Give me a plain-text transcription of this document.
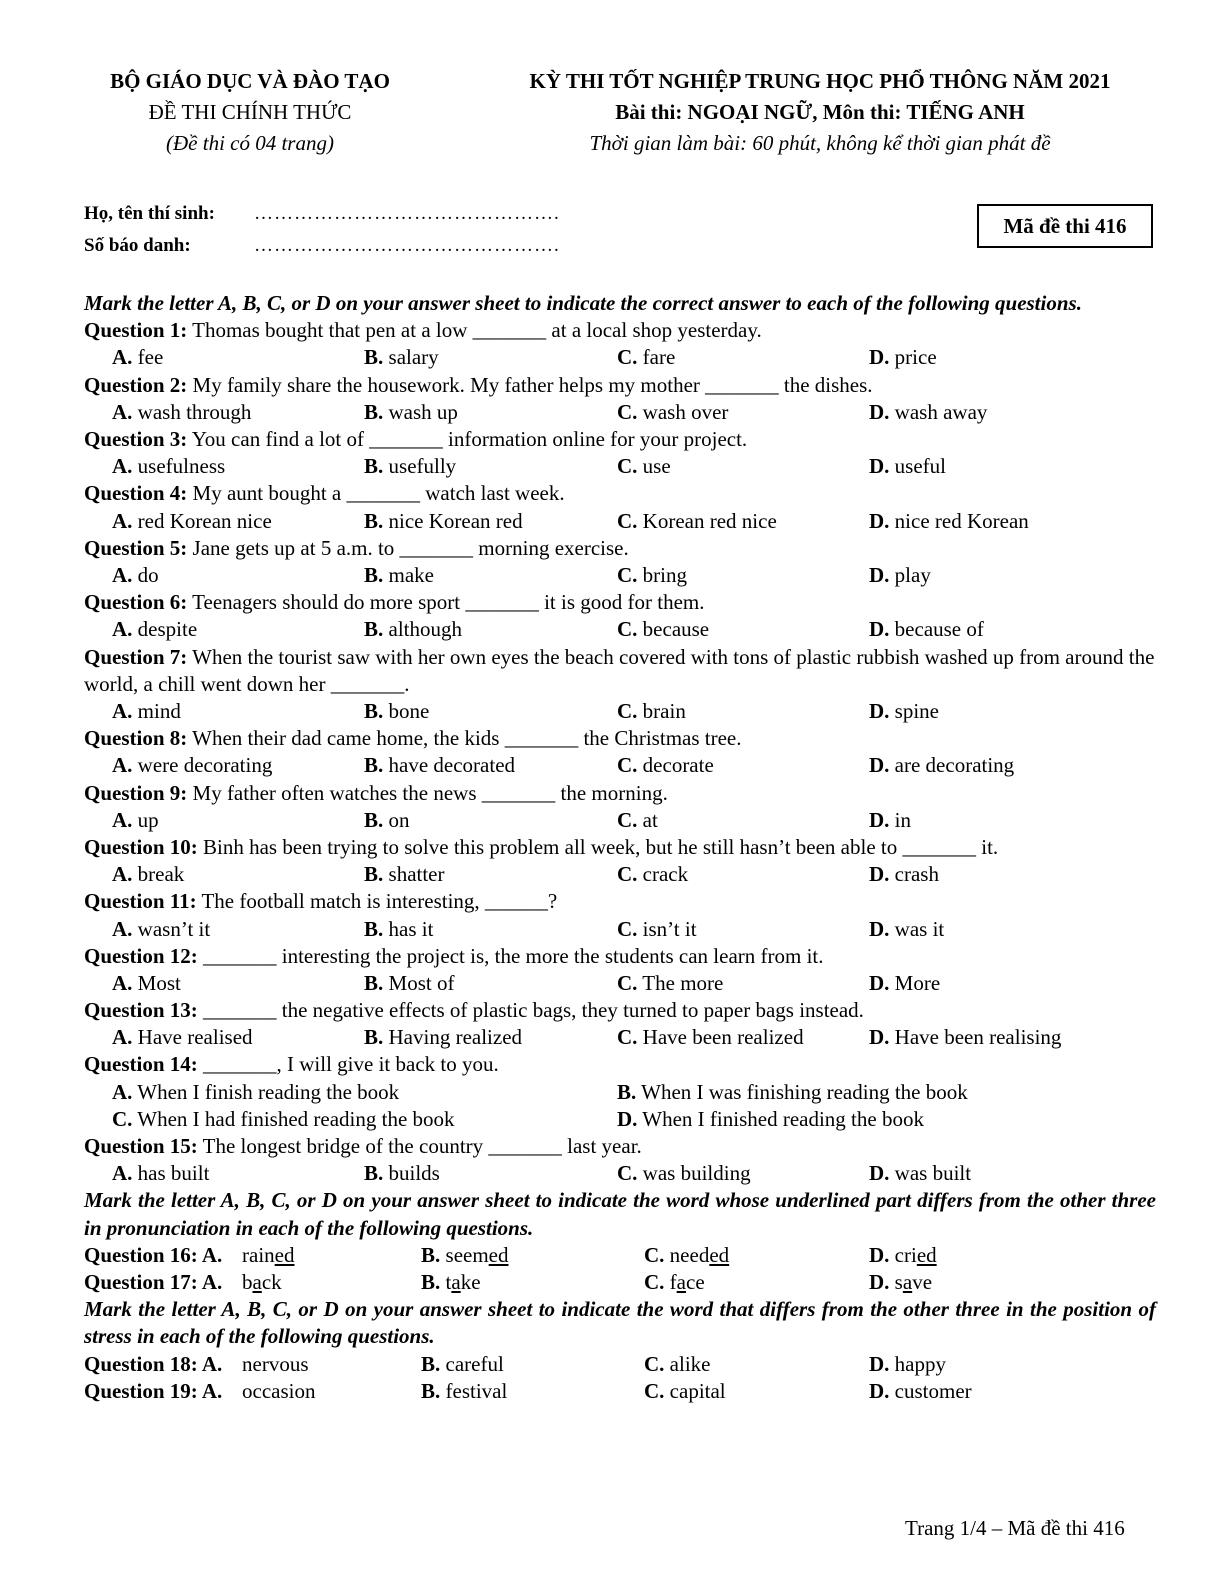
BỘ GIÁO DỤC VÀ ĐÀO TẠO
ĐỀ THI CHÍNH THỨC
(Đề thi có 04 trang)
KỲ THI TỐT NGHIỆP TRUNG HỌC PHỔ THÔNG NĂM 2021
Bài thi: NGOẠI NGỮ, Môn thi: TIẾNG ANH
Thời gian làm bài: 60 phút, không kể thời gian phát đề
Họ, tên thí sinh: ……………………………………….
Số báo danh:	……………………………………….
Mã đề thi 416
Mark the letter A, B, C, or D on your answer sheet to indicate the correct answer to each of the following questions.
Question 1: Thomas bought that pen at a low _______ at a local shop yesterday.
A. fee	B. salary	C. fare	D. price
Question 2: My family share the housework. My father helps my mother _______ the dishes.
A. wash through	B. wash up	C. wash over	D. wash away
Question 3: You can find a lot of _______ information online for your project.
A. usefulness	B. usefully	C. use	D. useful
Question 4: My aunt bought a _______ watch last week.
A. red Korean nice	B. nice Korean red	C. Korean red nice	D. nice red Korean
Question 5: Jane gets up at 5 a.m. to _______ morning exercise.
A. do	B. make	C. bring	D. play
Question 6: Teenagers should do more sport _______ it is good for them.
A. despite	B. although	C. because	D. because of
Question 7: When the tourist saw with her own eyes the beach covered with tons of plastic rubbish washed up from around the world, a chill went down her _______.
A. mind	B. bone	C. brain	D. spine
Question 8: When their dad came home, the kids _______ the Christmas tree.
A. were decorating	B. have decorated	C. decorate	D. are decorating
Question 9: My father often watches the news _______ the morning.
A. up	B. on	C. at	D. in
Question 10: Binh has been trying to solve this problem all week, but he still hasn’t been able to _______ it.
A. break	B. shatter	C. crack	D. crash
Question 11: The football match is interesting, ______?
A. wasn’t it	B. has it	C. isn’t it	D. was it
Question 12: _______ interesting the project is, the more the students can learn from it.
A. Most	B. Most of	C. The more	D. More
Question 13: _______ the negative effects of plastic bags, they turned to paper bags instead.
A. Have realised	B. Having realized	C. Have been realized	D. Have been realising
Question 14: _______, I will give it back to you.
A. When I finish reading the book	B. When I was finishing reading the book
C. When I had finished reading the book	D. When I finished reading the book
Question 15: The longest bridge of the country _______ last year.
A. has built	B. builds	C. was building	D. was built
Mark the letter A, B, C, or D on your answer sheet to indicate the word whose underlined part differs from the other three in pronunciation in each of the following questions.
Question 16: A. rained	B. seemed	C. needed	D. cried
Question 17: A. back	B. take	C. face	D. save
Mark the letter A, B, C, or D on your answer sheet to indicate the word that differs from the other three in the position of stress in each of the following questions.
Question 18: A. nervous	B. careful	C. alike	D. happy
Question 19: A. occasion	B. festival	C. capital	D. customer
Trang 1/4 – Mã đề thi 416
